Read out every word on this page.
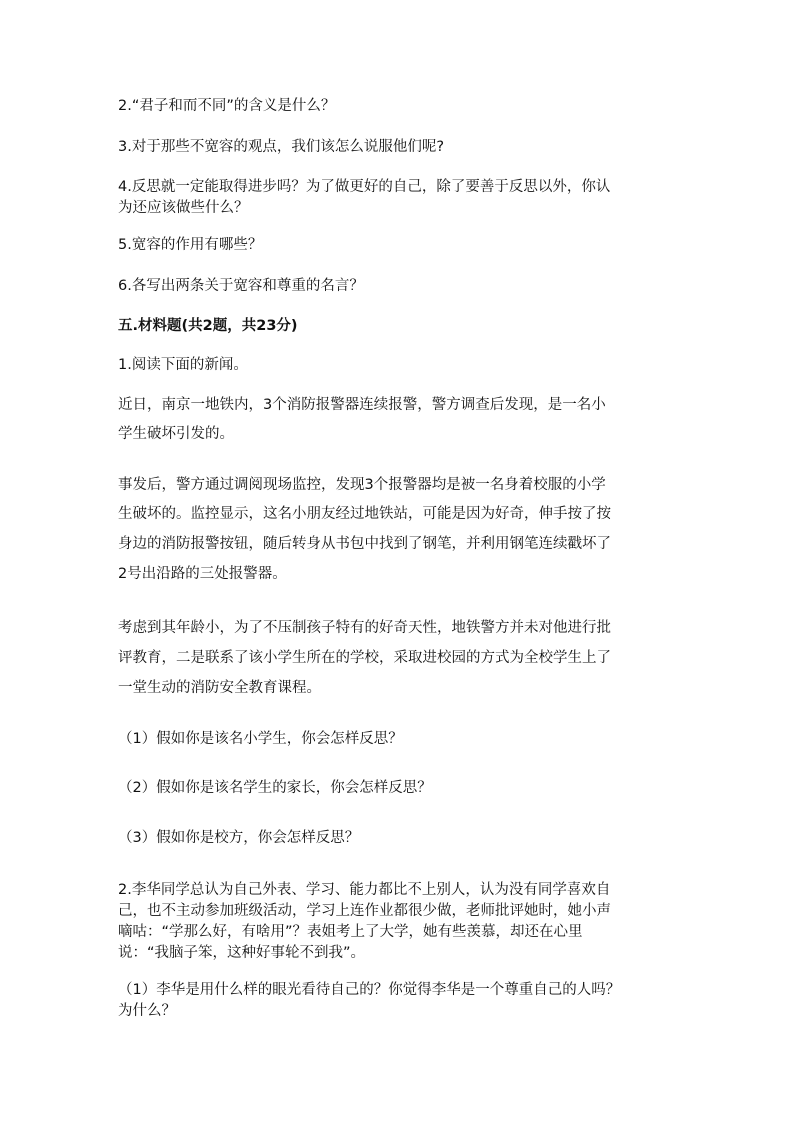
2.“君子和而不同”的含义是什么？
3.对于那些不宽容的观点，我们该怎么说服他们呢?
4.反思就一定能取得进步吗？为了做更好的自己，除了要善于反思以外，你认
为还应该做些什么？
5.宽容的作用有哪些？
6.各写出两条关于宽容和尊重的名言？
五.材料题(共2题，共23分)
1.阅读下面的新闻。
近日，南京一地铁内，3个消防报警器连续报警，警方调查后发现，是一名小
学生破坏引发的。
事发后，警方通过调阅现场监控，发现3个报警器均是被一名身着校服的小学
生破坏的。监控显示，这名小朋友经过地铁站，可能是因为好奇，伸手按了按
身边的消防报警按钮，随后转身从书包中找到了钢笔，并利用钢笔连续戳坏了
2号出沿路的三处报警器。
考虑到其年龄小，为了不压制孩子特有的好奇天性，地铁警方并未对他进行批
评教育，二是联系了该小学生所在的学校，采取进校园的方式为全校学生上了
一堂生动的消防安全教育课程。
（1）假如你是该名小学生，你会怎样反思？
（2）假如你是该名学生的家长，你会怎样反思？
（3）假如你是校方，你会怎样反思？
2.李华同学总认为自己外表、学习、能力都比不上别人，认为没有同学喜欢自
己，也不主动参加班级活动，学习上连作业都很少做，老师批评她时，她小声
嘀咕：“学那么好，有啥用”？表姐考上了大学，她有些羡慕，却还在心里
说：“我脑子笨，这种好事轮不到我”。
（1）李华是用什么样的眼光看待自己的？你觉得李华是一个尊重自己的人吗？
为什么？
